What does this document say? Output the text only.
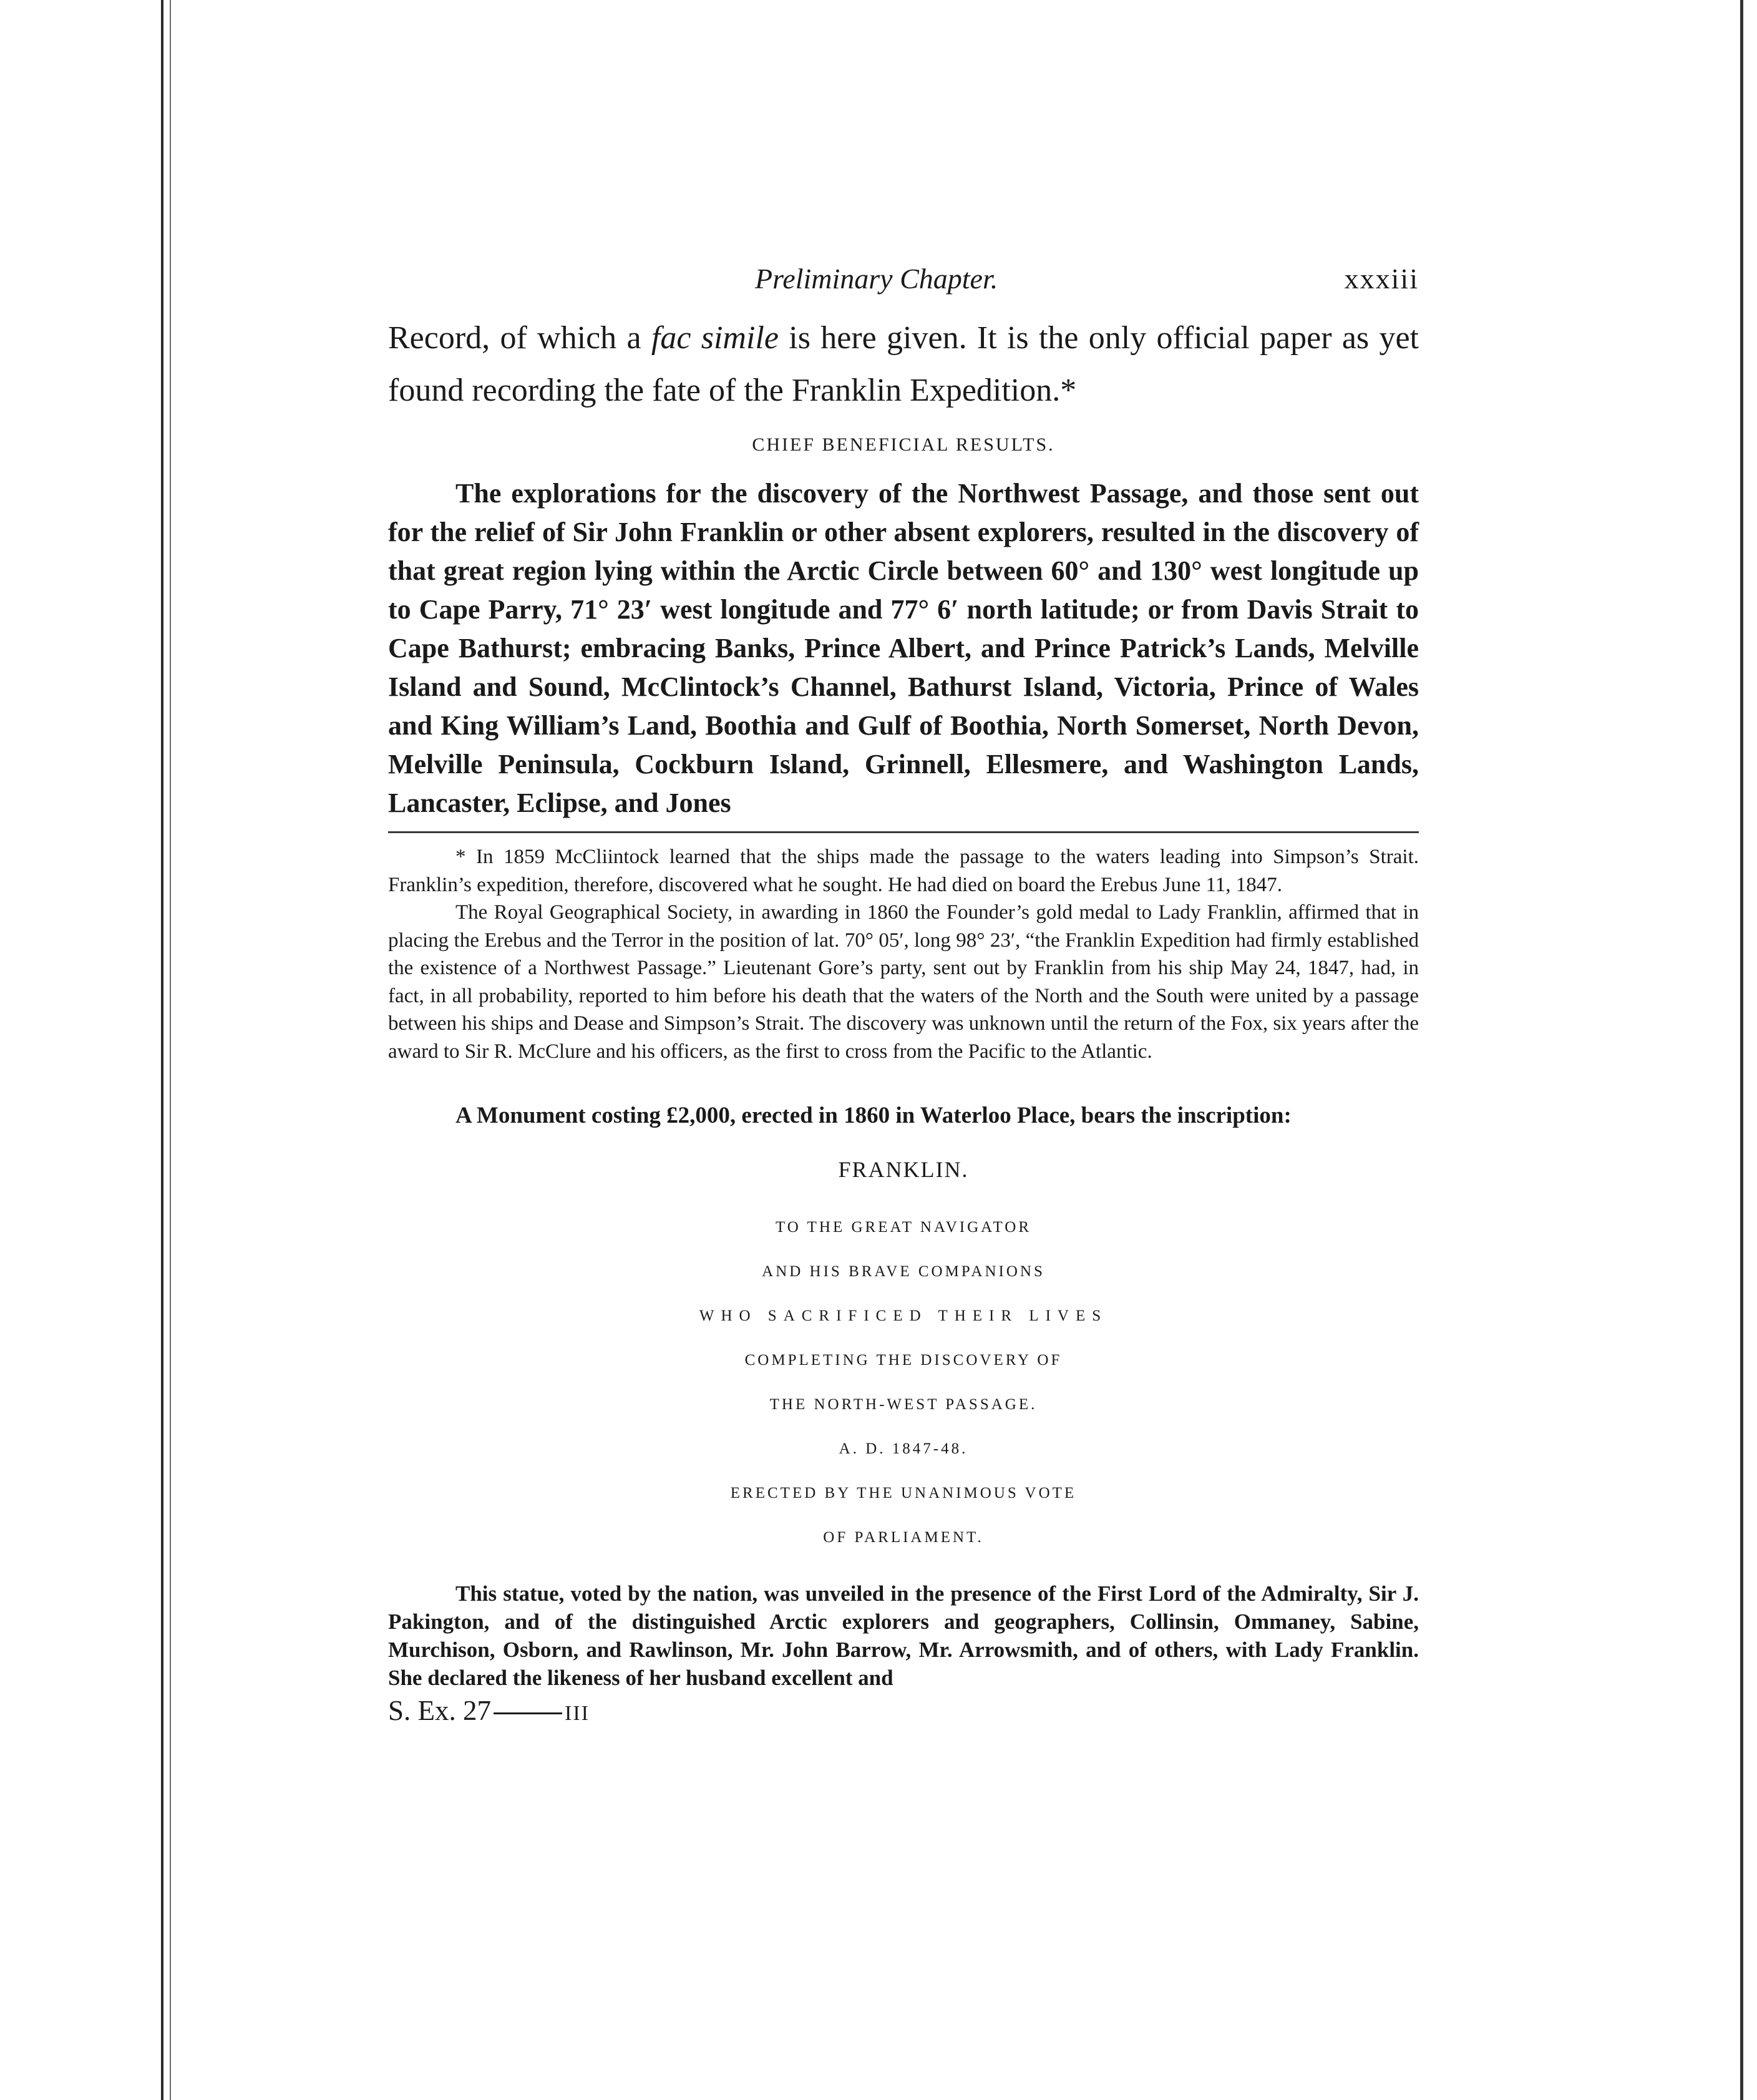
Preliminary Chapter.	xxxiii

Record, of which a fac simile is here given. It is the only official paper as yet found recording the fate of the Franklin Expedition.*

CHIEF BENEFICIAL RESULTS.

The explorations for the discovery of the Northwest Passage, and those sent out for the relief of Sir John Franklin or other absent explorers, resulted in the discovery of that great region lying within the Arctic Circle between 60° and 130° west longitude up to Cape Parry, 71° 23′ west longitude and 77° 6′ north latitude; or from Davis Strait to Cape Bathurst; embracing Banks, Prince Albert, and Prince Patrick’s Lands, Melville Island and Sound, McClintock’s Channel, Bathurst Island, Victoria, Prince of Wales and King William’s Land, Boothia and Gulf of Boothia, North Somerset, North Devon, Melville Peninsula, Cockburn Island, Grinnell, Ellesmere, and Washington Lands, Lancaster, Eclipse, and Jones

* In 1859 McCliintock learned that the ships made the passage to the waters leading into Simpson’s Strait. Franklin’s expedition, therefore, discovered what he sought. He had died on board the Erebus June 11, 1847.

The Royal Geographical Society, in awarding in 1860 the Founder’s gold medal to Lady Franklin, affirmed that in placing the Erebus and the Terror in the position of lat. 70° 05′, long 98° 23′, “the Franklin Expedition had firmly established the existence of a Northwest Passage.” Lieutenant Gore’s party, sent out by Franklin from his ship May 24, 1847, had, in fact, in all probability, reported to him before his death that the waters of the North and the South were united by a passage between his ships and Dease and Simpson’s Strait. The discovery was unknown until the return of the Fox, six years after the award to Sir R. McClure and his officers, as the first to cross from the Pacific to the Atlantic.

A Monument costing £2,000, erected in 1860 in Waterloo Place, bears the inscription:

FRANKLIN.
TO THE GREAT NAVIGATOR
AND HIS BRAVE COMPANIONS
WHO SACRIFICED THEIR LIVES
COMPLETING THE DISCOVERY OF
THE NORTH-WEST PASSAGE.
A. D. 1847-48.
ERECTED BY THE UNANIMOUS VOTE
OF PARLIAMENT.

This statue, voted by the nation, was unveiled in the presence of the First Lord of the Admiralty, Sir J. Pakington, and of the distinguished Arctic explorers and geographers, Collinsin, Ommaney, Sabine, Murchison, Osborn, and Rawlinson, Mr. John Barrow, Mr. Arrowsmith, and of others, with Lady Franklin. She declared the likeness of her husband excellent and

S. Ex. 27	III
